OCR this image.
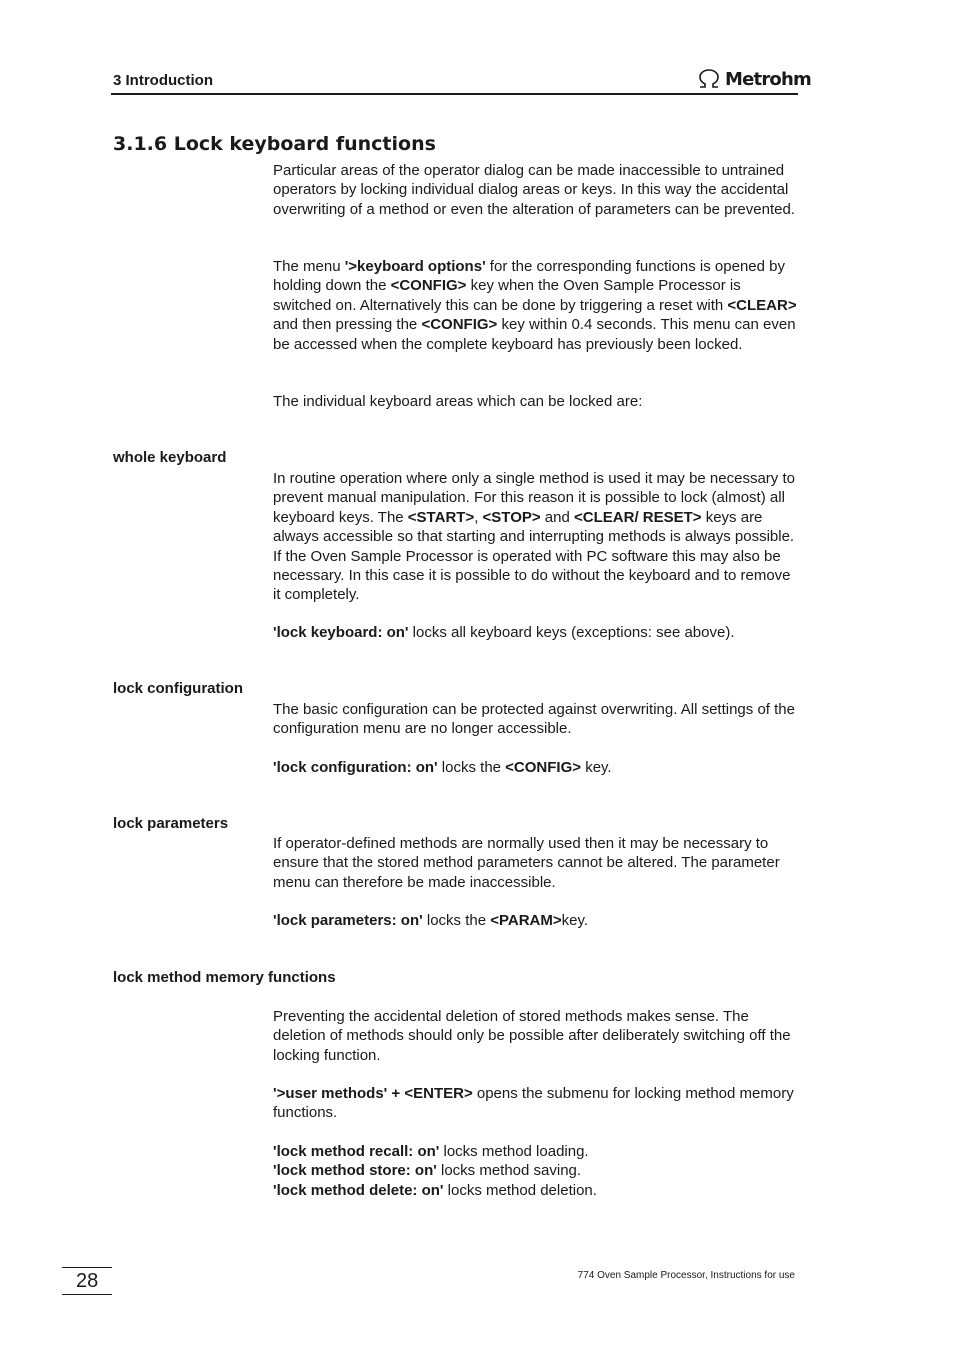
3 Introduction	Metrohm
3.1.6 Lock keyboard functions

Particular areas of the operator dialog can be made inaccessible to untrained operators by locking individual dialog areas or keys. In this way the accidental overwriting of a method or even the alteration of parameters can be prevented.

The menu '>keyboard options' for the corresponding functions is opened by holding down the <CONFIG> key when the Oven Sample Processor is switched on. Alternatively this can be done by triggering a reset with <CLEAR> and then pressing the <CONFIG> key within 0.4 seconds. This menu can even be accessed when the complete keyboard has previously been locked.

The individual keyboard areas which can be locked are:

whole keyboard

In routine operation where only a single method is used it may be necessary to prevent manual manipulation. For this reason it is possible to lock (almost) all keyboard keys. The <START>, <STOP> and <CLEAR/ RESET> keys are always accessible so that starting and interrupting methods is always possible. If the Oven Sample Processor is operated with PC software this may also be necessary. In this case it is possible to do without the keyboard and to remove it completely.

'lock keyboard: on' locks all keyboard keys (exceptions: see above).

lock configuration

The basic configuration can be protected against overwriting. All settings of the configuration menu are no longer accessible.

'lock configuration: on' locks the <CONFIG> key.

lock parameters

If operator-defined methods are normally used then it may be necessary to ensure that the stored method parameters cannot be altered. The parameter menu can therefore be made inaccessible.

'lock parameters: on' locks the <PARAM>key.

lock method memory functions

Preventing the accidental deletion of stored methods makes sense. The deletion of methods should only be possible after deliberately switching off the locking function.

'>user methods' + <ENTER> opens the submenu for locking method memory functions.

'lock method recall: on' locks method loading.

'lock method store: on' locks method saving.

'lock method delete: on' locks method deletion.

28	774 Oven Sample Processor, Instructions for use
